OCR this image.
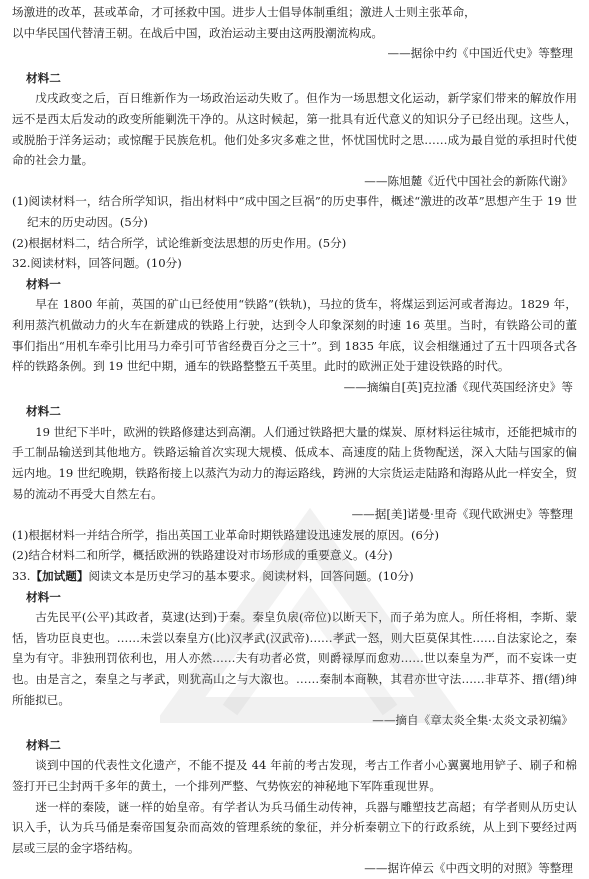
场激进的改革，甚或革命，才可拯救中国。进步人士倡导体制重组；激进人士则主张革命，

以中华民国代替清王朝。在战后中国，政治运动主要由这两股潮流构成。

——据徐中约《中国近代史》等整理

材料二

戊戌政变之后，百日维新作为一场政治运动失败了。但作为一场思想文化运动，新学家们带来的解放作用远不是西太后发动的政变所能剿洗干净的。从这时候起，第一批具有近代意义的知识分子已经出现。这些人，或脱胎于洋务运动；或惊醒于民族危机。他们处多灾多难之世，怀忧国忧时之思……成为最自觉的承担时代使命的社会力量。

——陈旭麓《近代中国社会的新陈代谢》

(1)阅读材料一，结合所学知识，指出材料中“成中国之巨祸”的历史事件，概述“激进的改革”思想产生于 19 世纪末的历史动因。(5分)

(2)根据材料二，结合所学，试论维新变法思想的历史作用。(5分)

32.阅读材料，回答问题。(10分)

材料一

早在 1800 年前，英国的矿山已经使用“铁路”(铁轨)，马拉的货车，将煤运到运河或者海边。1829 年，利用蒸汽机做动力的火车在新建成的铁路上行驶，达到令人印象深刻的时速 16 英里。当时，有铁路公司的董事们指出“用机车牵引比用马力牵引可节省经费百分之三十”。到 1835 年底，议会相继通过了五十四项各式各样的铁路条例。到 19 世纪中期，通车的铁路整整五千英里。此时的欧洲正处于建设铁路的时代。

——摘编自[英]克拉潘《现代英国经济史》等

材料二

19 世纪下半叶，欧洲的铁路修建达到高潮。人们通过铁路把大量的煤炭、原材料运往城市，还能把城市的手工制品输送到其他地方。铁路运输首次实现大规模、低成本、高速度的陆上货物配送，深入大陆与国家的偏远内地。19 世纪晚期，铁路衔接上以蒸汽为动力的海运路线，跨洲的大宗货运走陆路和海路从此一样安全，贸易的流动不再受大自然左右。

——据[美]诺曼·里奇《现代欧洲史》等整理

(1)根据材料一并结合所学，指出英国工业革命时期铁路建设迅速发展的原因。(6分)

(2)结合材料二和所学，概括欧洲的铁路建设对市场形成的重要意义。(4分)

33.【加试题】阅读文本是历史学习的基本要求。阅读材料，回答问题。(10分)

材料一

古先民平(公平)其政者，莫逮(达到)于秦。秦皇负扆(帝位)以断天下，而子弟为庶人。所任将相，李斯、蒙恬，皆功臣良吏也。……未尝以秦皇方(比)汉孝武(汉武帝)……孝武一怒，则大臣莫保其性……自法家论之，秦皇为有守。非独刑罚依利也，用人亦然……夫有功者必赏，则爵禄厚而愈劝……世以秦皇为严，而不妄诛一吏也。由是言之，秦皇之与孝武，则犹高山之与大溆也。……秦制本商鞅，其君亦世守法……非草芥、搢(缙)绅所能拟已。

——摘自《章太炎全集·太炎文录初编》

材料二

谈到中国的代表性文化遗产，不能不提及 44 年前的考古发现，考古工作者小心翼翼地用铲子、刷子和棉签打开已尘封两千多年的黄土，一个排列严整、气势恢宏的神秘地下军阵重现世界。

迷一样的秦陵，谜一样的始皇帝。有学者认为兵马俑生动传神，兵器与雕塑技艺高超；有学者则从历史认识入手，认为兵马俑是秦帝国复杂而高效的管理系统的象征，并分析秦朝立下的行政系统，从上到下要经过两层或三层的金字塔结构。

——据许倬云《中西文明的对照》等整理
